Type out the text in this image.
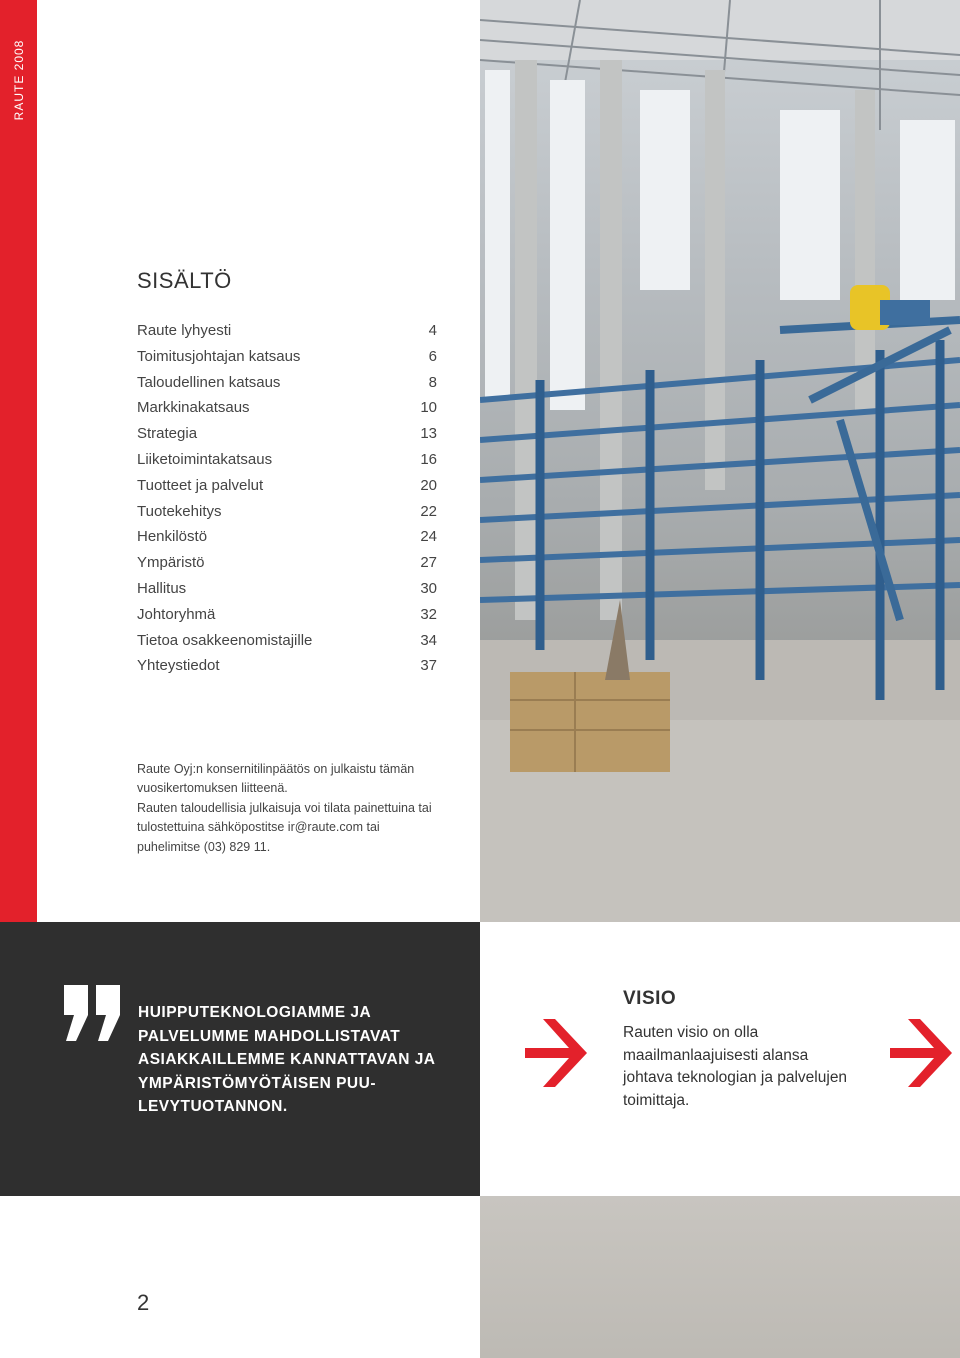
RAUTE 2008
SISÄLTÖ
Raute lyhyesti	4
Toimitusjohtajan katsaus	6
Taloudellinen katsaus	8
Markkinakatsaus	10
Strategia	13
Liiketoimintakatsaus	16
Tuotteet ja palvelut	20
Tuotekehitys	22
Henkilöstö	24
Ympäristö	27
Hallitus	30
Johtoryhmä	32
Tietoa osakkeenomistajille	34
Yhteystiedot	37

Raute Oyj:n konsernitilinpäätös on julkaistu tämän vuosikertomuksen liitteenä.

Rauten taloudellisia julkaisuja voi tilata painettuina tai tulostettuina sähköpostitse ir@raute.com tai puhelimitse (03) 829 11.

HUIPPUTEKNOLOGIAMME JA PALVELUMME MAHDOLLISTAVAT ASIAKKAILLEMME KANNATTAVAN JA YMPÄRISTÖMYÖTÄISEN PUU-LEVYTUOTANNON.
VISIO
Rauten visio on olla maailmanlaajuisesti alansa johtava teknologian ja palvelujen toimittaja.
2
